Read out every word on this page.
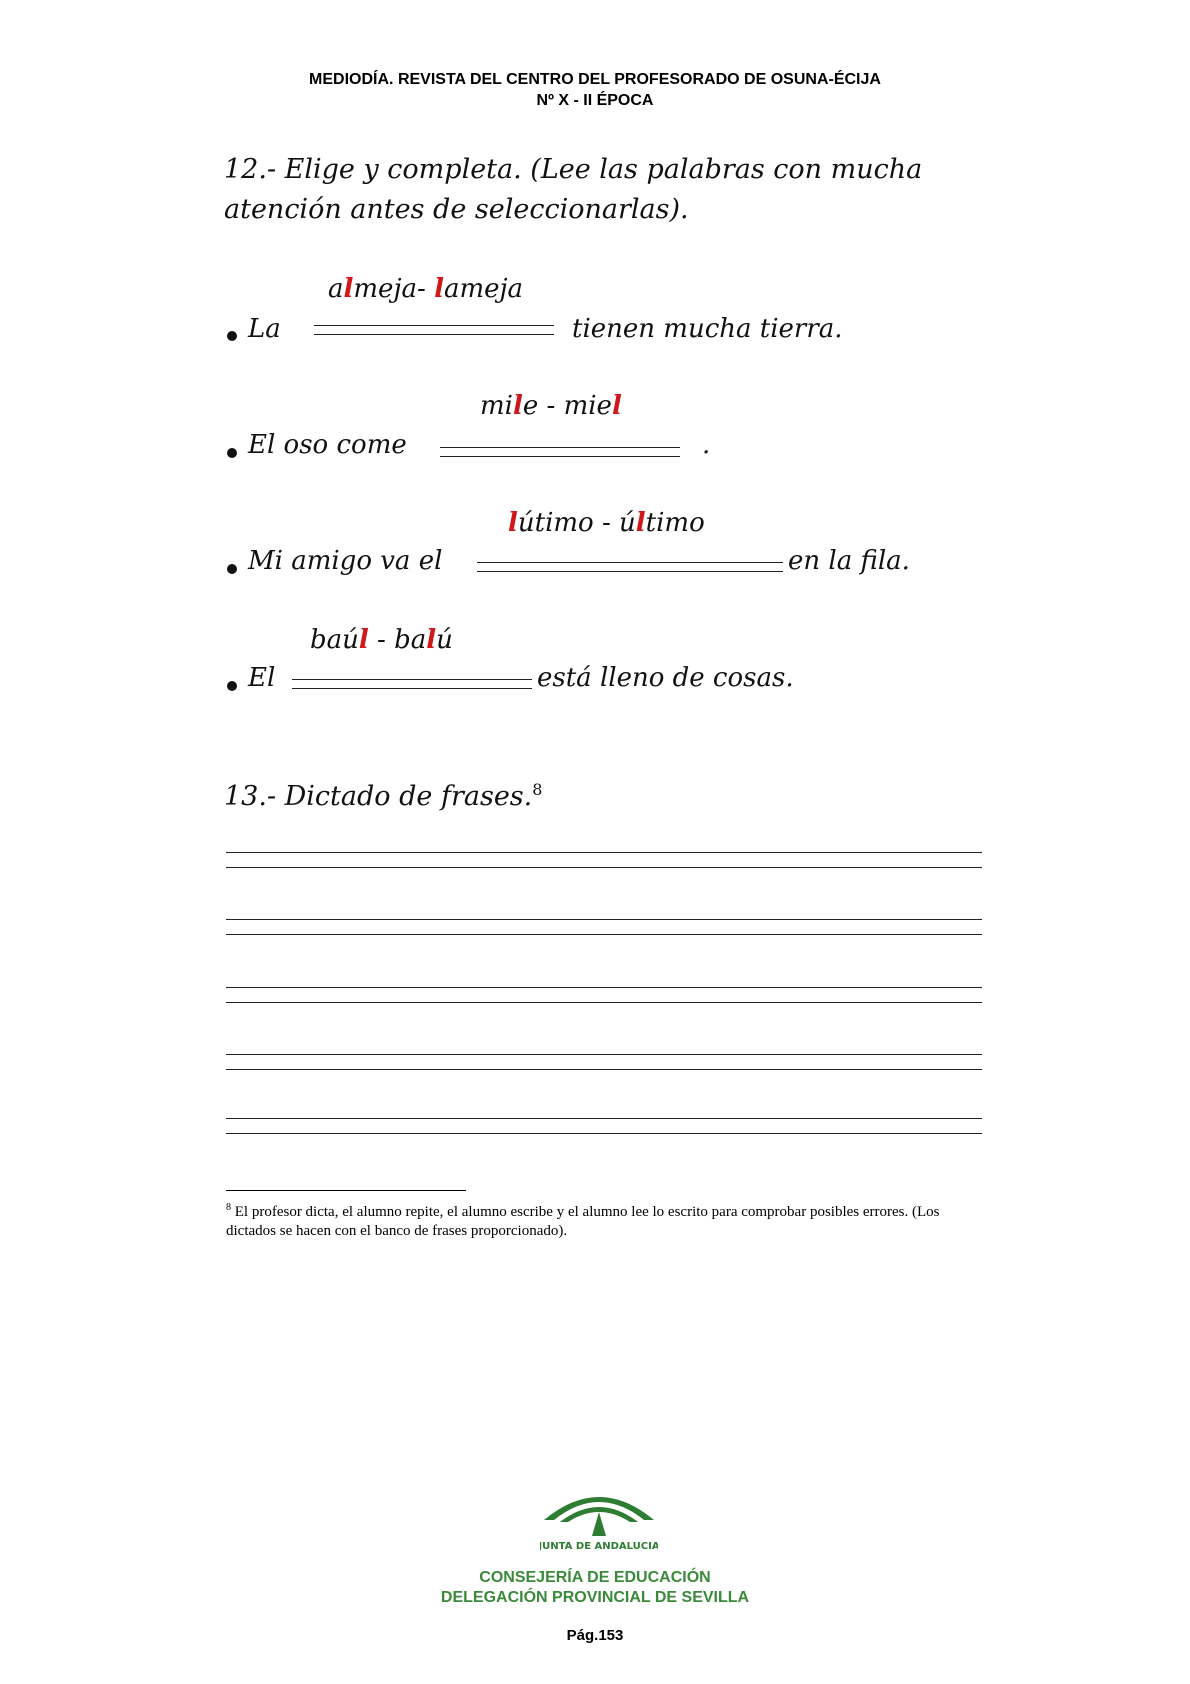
MEDIODÍA. REVISTA DEL CENTRO DEL PROFESORADO DE OSUNA-ÉCIJA
Nº X - II ÉPOCA
12.- Elige y completa. (Lee las palabras con mucha
atención antes de seleccionarlas).
almeja- lameja
La	tienen mucha tierra.
mile - miel
El oso come	.
lútimo - último
Mi amigo va el	en la fila.
baúl - balú
El	está lleno de cosas.
13.- Dictado de frases.$^8$
$^8$ El profesor dicta, el alumno repite, el alumno escribe y el alumno lee lo escrito para comprobar posibles errores. (Los dictados se hacen con el banco de frases proporcionado).
JUNTA DE ANDALUCIA
CONSEJERÍA DE EDUCACIÓN
DELEGACIÓN PROVINCIAL DE SEVILLA
Pág.153
